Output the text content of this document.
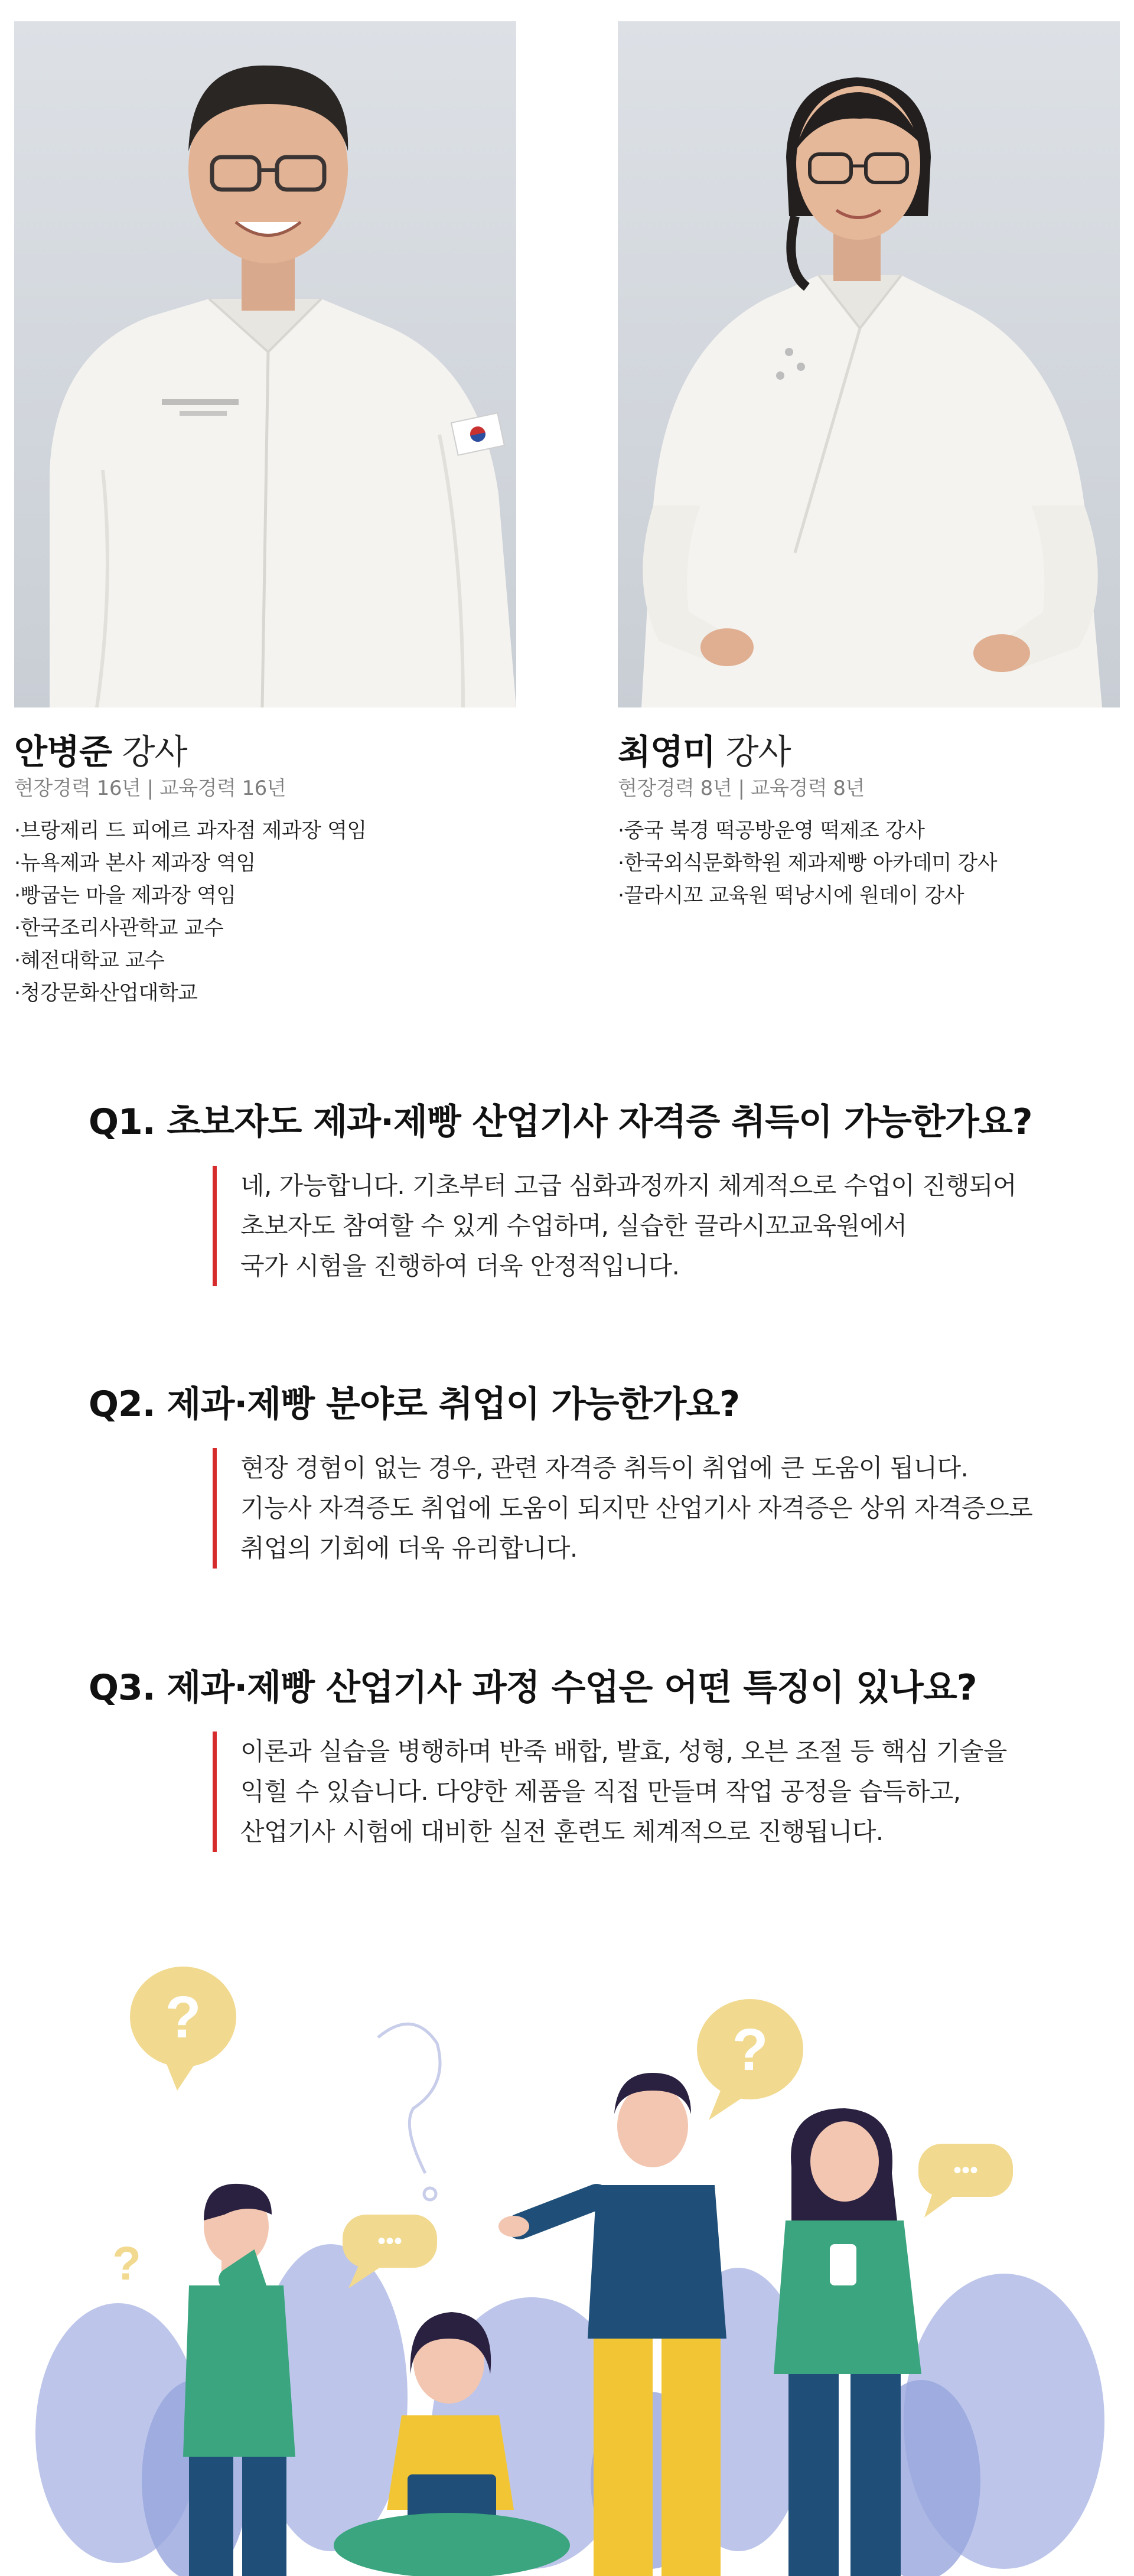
안병준 강사
현장경력 16년 | 교육경력 16년
·브랑제리 드 피에르 과자점 제과장 역임
·뉴욕제과 본사 제과장 역임
·빵굽는 마을 제과장 역임
·한국조리사관학교 교수
·혜전대학교 교수
·청강문화산업대학교
최영미 강사
현장경력 8년 | 교육경력 8년
·중국 북경 떡공방운영 떡제조 강사
·한국외식문화학원 제과제빵 아카데미 강사
·끌라시꼬 교육원 떡낭시에 원데이 강사
Q1. 초보자도 제과·제빵 산업기사 자격증 취득이 가능한가요?

네, 가능합니다. 기초부터 고급 심화과정까지 체계적으로 수업이 진행되어

초보자도 참여할 수 있게 수업하며, 실습한 끌라시꼬교육원에서

국가 시험을 진행하여 더욱 안정적입니다.

Q2. 제과·제빵 분야로 취업이 가능한가요?

현장 경험이 없는 경우, 관련 자격증 취득이 취업에 큰 도움이 됩니다.

기능사 자격증도 취업에 도움이 되지만 산업기사 자격증은 상위 자격증으로

취업의 기회에 더욱 유리합니다.

Q3. 제과·제빵 산업기사 과정 수업은 어떤 특징이 있나요?

이론과 실습을 병행하며 반죽 배합, 발효, 성형, 오븐 조절 등 핵심 기술을

익힐 수 있습니다. 다양한 제품을 직접 만들며 작업 공정을 습득하고,

산업기사 시험에 대비한 실전 훈련도 체계적으로 진행됩니다.

?	?
•••
•••
?
